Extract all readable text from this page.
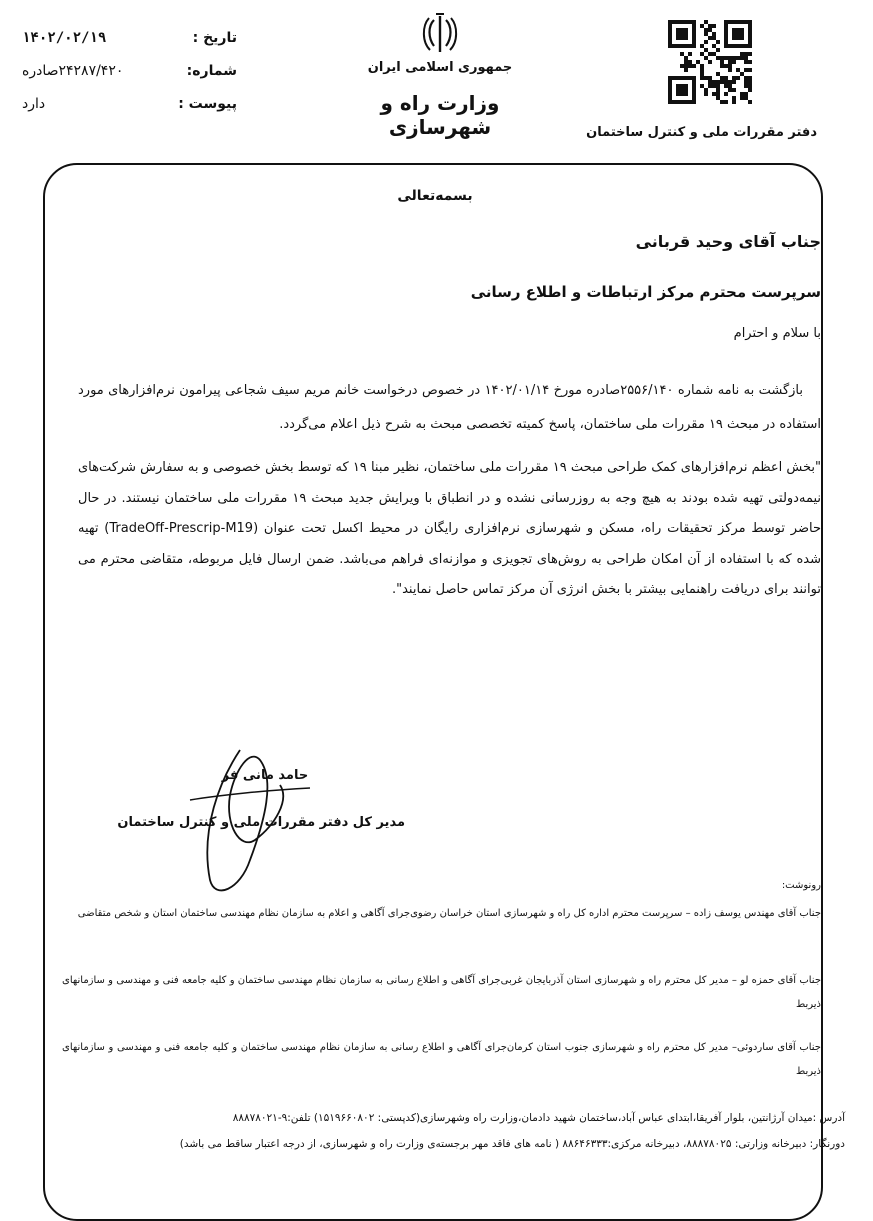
تاریخ :
۱۴۰۲/۰۲/۱۹
شماره:
۲۴۲۸۷/۴۲۰صادره
پیوست :
دارد
جمهوری اسلامی ایران
وزارت راه و شهرسازی	دفتر مقررات ملی و کنترل ساختمان
بسمه‌تعالی
جناب آقای وحید قربانی
سرپرست محترم مرکز ارتباطات و اطلاع رسانی
با سلام و احترام
بازگشت به نامه شماره ۲۵۵۶/۱۴۰صادره مورخ ۱۴۰۲/۰۱/۱۴ در خصوص درخواست خانم مریم سیف شجاعی پیرامون نرم‌افزارهای مورد استفاده در مبحث ۱۹ مقررات ملی ساختمان، پاسخ کمیته تخصصی مبحث به شرح ذیل اعلام می‌گردد.
"بخش اعظم نرم‌افزارهای کمک طراحی مبحث ۱۹ مقررات ملی ساختمان، نظیر مبنا ۱۹ که توسط بخش خصوصی و به سفارش شرکت‌های نیمه‌دولتی تهیه شده بودند به هیچ وجه به روزرسانی نشده و در انطباق با ویرایش جدید مبحث ۱۹ مقررات ملی ساختمان نیستند. در حال حاضر توسط مرکز تحقیقات راه، مسکن و شهرسازی نرم‌افزاری رایگان در محیط اکسل تحت عنوان (TradeOff-Prescrip-M19) تهیه شده که با استفاده از آن امکان طراحی به روش‌های تجویزی و موازنه‌ای فراهم می‌باشد. ضمن ارسال فایل مربوطه، متقاضی محترم می توانند برای دریافت راهنمایی بیشتر با بخش انرژی آن مرکز تماس حاصل نمایند".
حامد مانی فر
مدیر کل دفتر مقررات ملی و کنترل ساختمان
رونوشت:
جناب آقای مهندس یوسف زاده – سرپرست محترم اداره کل راه و شهرسازی استان خراسان رضوی‌جرای آگاهی و اعلام به سازمان نظام مهندسی ساختمان استان و شخص متقاضی
جناب آقای حمزه لو – مدیر کل محترم راه و شهرسازی استان آذربایجان غربی‌جرای آگاهی و اطلاع رسانی به سازمان نظام مهندسی ساختمان و کلیه جامعه فنی و مهندسی و سازمانهای ذیربط
جناب آقای ساردوئی– مدیر کل محترم راه و شهرسازی جنوب استان کرمان‌جرای آگاهی و اطلاع رسانی به سازمان نظام مهندسی ساختمان و کلیه جامعه فنی و مهندسی و سازمانهای ذیربط
آدرس :میدان آرژانتین، بلوار آفریقا،ابتدای عباس آباد،ساختمان شهید دادمان،وزارت راه وشهرسازی(کدپستی: ۱۵۱۹۶۶۰۸۰۲) تلفن:۹-۸۸۸۷۸۰۲۱
دورنگار: دبیرخانه وزارتی: ۸۸۸۷۸۰۲۵، دبیرخانه مرکزی:۸۸۶۴۶۳۳۳ ( نامه های فاقد مهر برجسته‌ی وزارت راه و شهرسازی، از درجه اعتبار ساقط می باشد)
